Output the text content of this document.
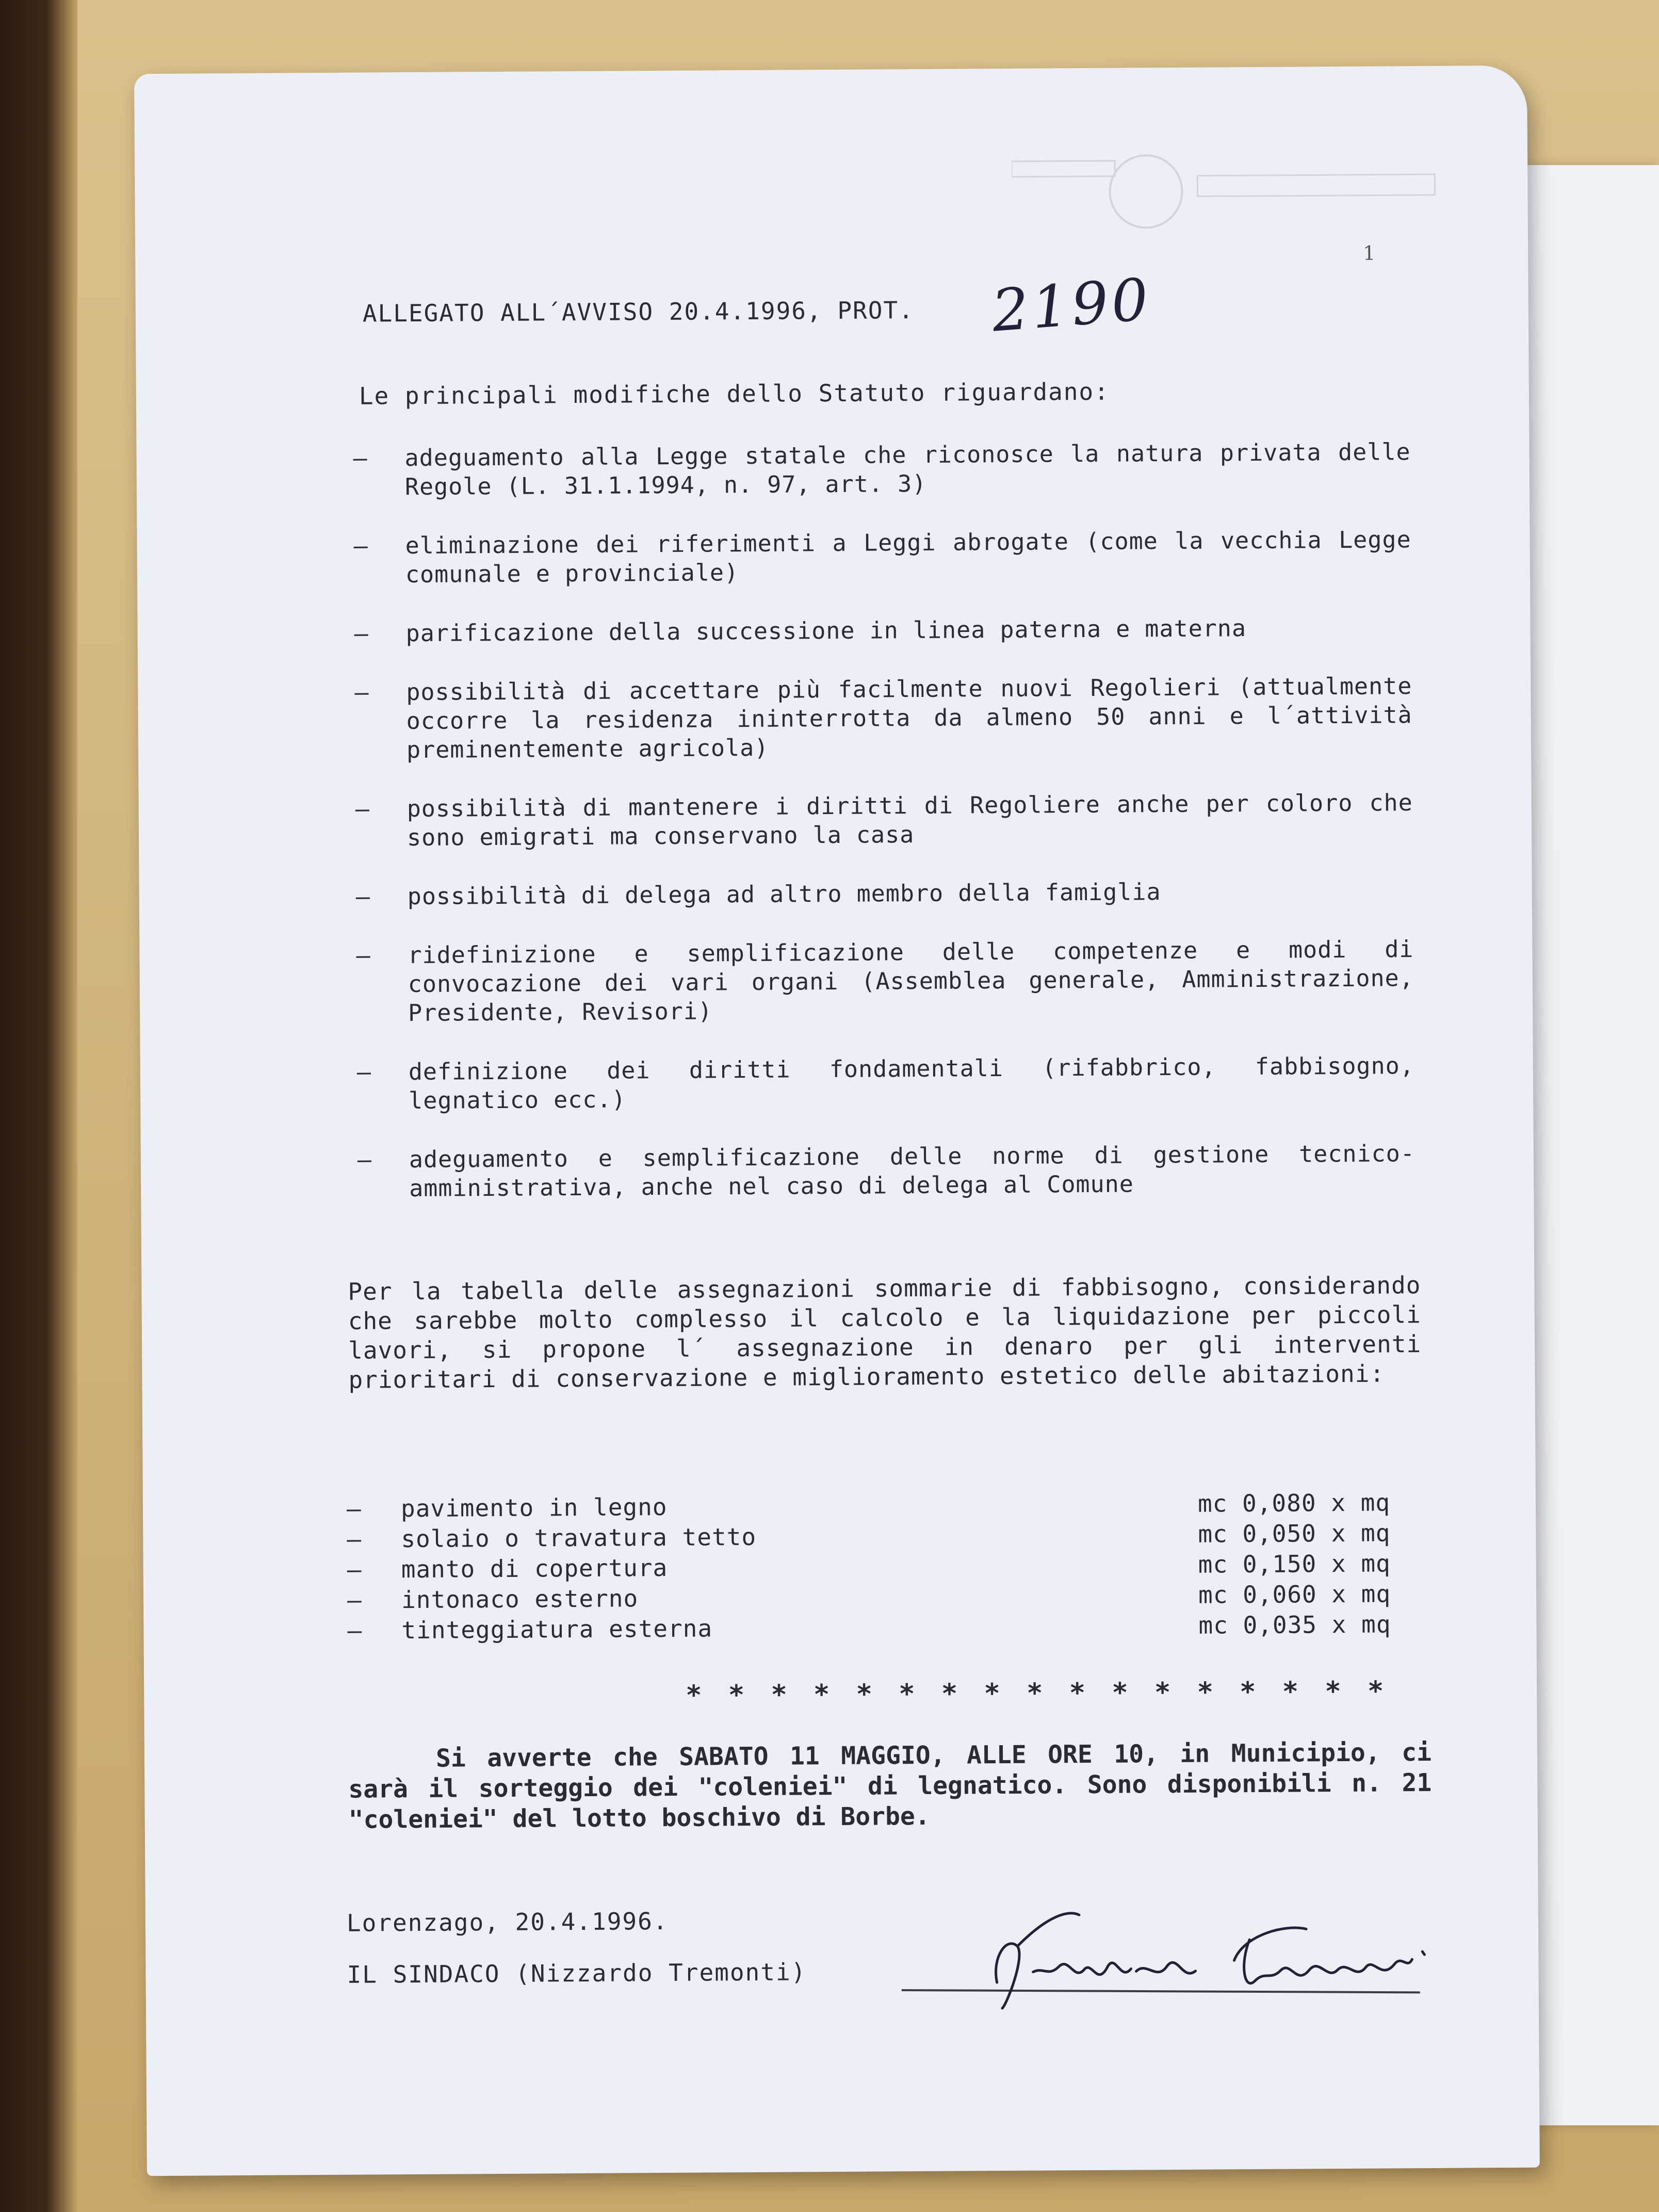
1
ALLEGATO ALL´AVVISO 20.4.1996, PROT. 2190
Le principali modifiche dello Statuto riguardano:
– adeguamento alla Legge statale che riconosce la natura privata delle Regole (L. 31.1.1994, n. 97, art. 3)
– eliminazione dei riferimenti a Leggi abrogate (come la vecchia Legge comunale e provinciale)
– parificazione della successione in linea paterna e materna
– possibilità di accettare più facilmente nuovi Regolieri (attualmente occorre la residenza ininterrotta da almeno 50 anni e l´attività preminentemente agricola)
– possibilità di mantenere i diritti di Regoliere anche per coloro che sono emigrati ma conservano la casa
– possibilità di delega ad altro membro della famiglia
– ridefinizione e semplificazione delle competenze e modi di convocazione dei vari organi (Assemblea generale, Amministrazione, Presidente, Revisori)
– definizione dei diritti fondamentali (rifabbrico, fabbisogno, legnatico ecc.)
– adeguamento e semplificazione delle norme di gestione tecnico-amministrativa, anche nel caso di delega al Comune
Per la tabella delle assegnazioni sommarie di fabbisogno, considerando che sarebbe molto complesso il calcolo e la liquidazione per piccoli lavori, si propone l´ assegnazione in denaro per gli interventi prioritari di conservazione e miglioramento estetico delle abitazioni:
–	pavimento in legno	mc 0,080 x mq
–	solaio o travatura tetto	mc 0,050 x mq
–	manto di copertura	mc 0,150 x mq
–	intonaco esterno	mc 0,060 x mq
–	tinteggiatura esterna	mc 0,035 x mq
* * * * * * * * * * * * * * * * *

Si avverte che SABATO 11 MAGGIO, ALLE ORE 10, in Municipio, ci sarà il sorteggio dei "coleniei" di legnatico. Sono disponibili n. 21 "coleniei" del lotto boschivo di Borbe.

Lorenzago, 20.4.1996.
IL SINDACO (Nizzardo Tremonti)
